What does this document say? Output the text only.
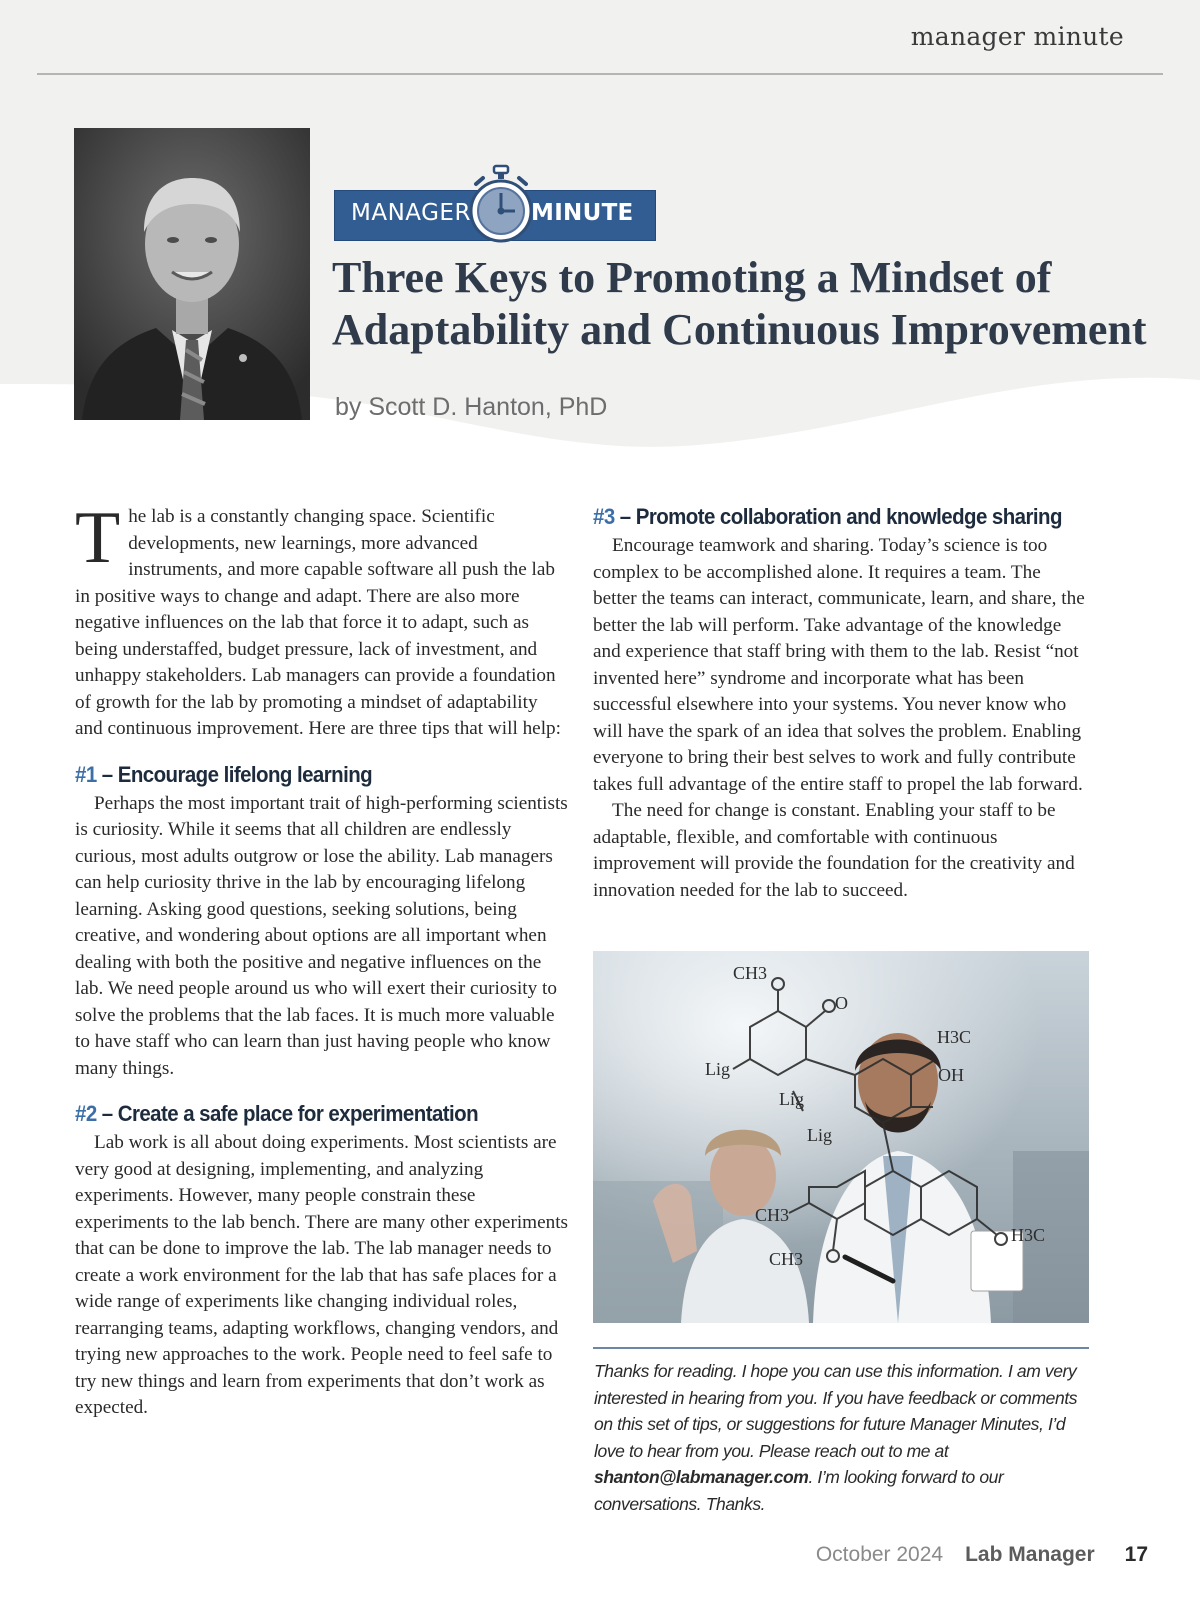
manager minute
MANAGER	MINUTE
Three Keys to Promoting a Mindset of Adaptability and Continuous Improvement
by Scott D. Hanton, PhD

The lab is a constantly changing space. Scientific developments, new learnings, more advanced instruments, and more capable software all push the lab in positive ways to change and adapt. There are also more negative influences on the lab that force it to adapt, such as being understaffed, budget pressure, lack of investment, and unhappy stakeholders. Lab managers can provide a foundation of growth for the lab by promoting a mindset of adaptability and continuous improvement. Here are three tips that will help:

#1 – Encourage lifelong learning

Perhaps the most important trait of high-performing scientists is curiosity. While it seems that all children are endlessly curious, most adults outgrow or lose the ability. Lab managers can help curiosity thrive in the lab by encouraging lifelong learning. Asking good questions, seeking solutions, being creative, and wondering about options are all important when dealing with both the positive and negative influences on the lab. We need people around us who will exert their curiosity to solve the problems that the lab faces. It is much more valuable to have staff who can learn than just having people who know many things.

#2 – Create a safe place for experimentation

Lab work is all about doing experiments. Most scientists are very good at designing, implementing, and analyzing experiments. However, many people constrain these experiments to the lab bench. There are many other experiments that can be done to improve the lab. The lab manager needs to create a work environment for the lab that has safe places for a wide range of experiments like changing individual roles, rearranging teams, adapting workflows, changing vendors, and trying new approaches to the work. People need to feel safe to try new things and learn from experiments that don’t work as expected.

#3 – Promote collaboration and knowledge sharing

Encourage teamwork and sharing. Today’s science is too complex to be accomplished alone. It requires a team. The better the teams can interact, communicate, learn, and share, the better the lab will perform. Take advantage of the knowledge and experience that staff bring with them to the lab. Resist “not invented here” syndrome and incorporate what has been successful elsewhere into your systems. You never know who will have the spark of an idea that solves the problem. Enabling everyone to bring their best selves to work and fully contribute takes full advantage of the entire staff to propel the lab forward.

The need for change is constant. Enabling your staff to be adaptable, flexible, and comfortable with continuous improvement will provide the foundation for the creativity and innovation needed for the lab to succeed.

CH3
O
Lig
Lig
Lig
H3C
OH
CH3
CH3
H3C

Thanks for reading. I hope you can use this information. I am very interested in hearing from you. If you have feedback or comments on this set of tips, or suggestions for future Manager Minutes, I’d love to hear from you. Please reach out to me at shanton@labmanager.com. I’m looking forward to our conversations. Thanks.

October 2024 Lab Manager 17
